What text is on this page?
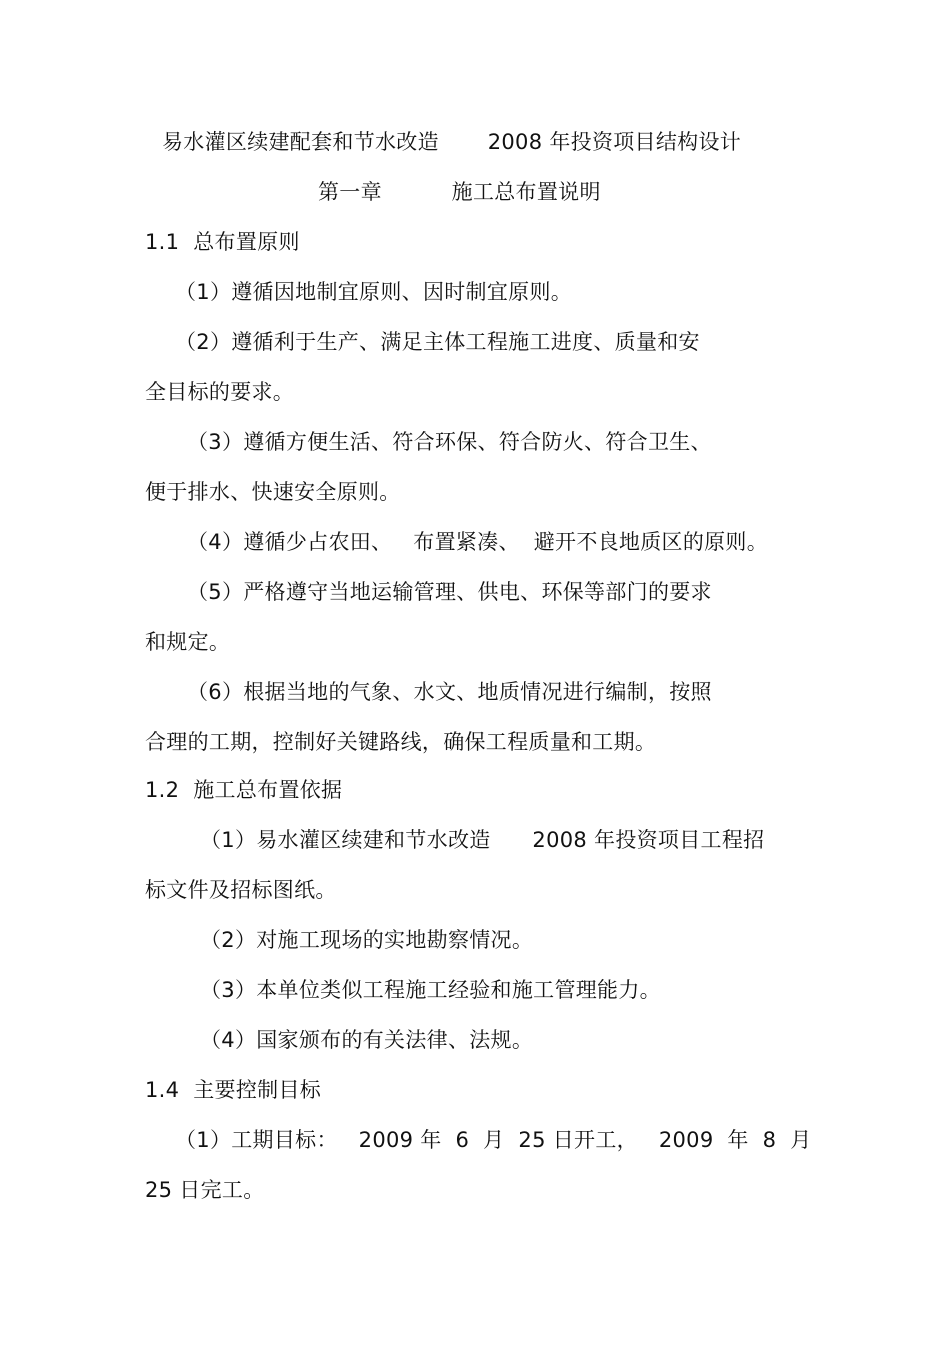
易水灌区续建配套和节水改造       2008 年投资项目结构设计
第一章          施工总布置说明
1.1  总布置原则
（1）遵循因地制宜原则、因时制宜原则。
（2）遵循利于生产、满足主体工程施工进度、质量和安
全目标的要求。
（3）遵循方便生活、符合环保、符合防火、符合卫生、
便于排水、快速安全原则。
（4）遵循少占农田、   布置紧凑、  避开不良地质区的原则。
（5）严格遵守当地运输管理、供电、环保等部门的要求
和规定。
（6）根据当地的气象、水文、地质情况进行编制，按照
合理的工期，控制好关键路线，确保工程质量和工期。
1.2  施工总布置依据
（1）易水灌区续建和节水改造      2008 年投资项目工程招
标文件及招标图纸。
（2）对施工现场的实地勘察情况。
（3）本单位类似工程施工经验和施工管理能力。
（4）国家颁布的有关法律、法规。
1.4  主要控制目标
（1）工期目标：   2009 年  6  月  25 日开工，   2009  年  8  月
25 日完工。
